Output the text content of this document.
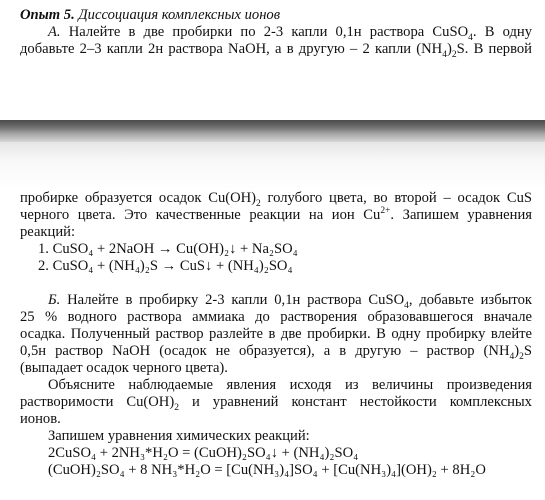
Опыт 5. Диссоциация комплексных ионов
А. Налейте в две пробирки по 2-3 капли 0,1н раствора CuSO$_4$. В одну
добавьте 2–3 капли 2н раствора NaOH, а в другую – 2 капли $(NH_4)_2S$. В первой
пробирке образуется осадок $Cu(OH)_2$ голубого цвета, во второй – осадок CuS
черного цвета. Это качественные реакции на ион $Cu^{2+}$. Запишем уравнения
реакций:
1. CuSO₄ + 2NaOH → Cu(OH)₂↓ + Na₂SO₄
2. CuSO₄ + (NH₄)₂S → CuS↓ + (NH₄)₂SO₄
Б. Налейте в пробирку 2-3 капли 0,1н раствора CuSO$_4$, добавьте избыток
25 % водного раствора аммиака до растворения образовавшегося вначале
осадка. Полученный раствор разлейте в две пробирки. В одну пробирку влейте
0,5н раствор NaOH (осадок не образуется), а в другую – раствор $(NH_4)_2S$
(выпадает осадок черного цвета).
Объясните наблюдаемые явления исходя из величины произведения
растворимости $Cu(OH)_2$ и уравнений констант нестойкости комплексных
ионов.
Запишем уравнения химических реакций:
2CuSO₄ + 2NH₃*H₂O = (CuOH)₂SO₄↓ + (NH₄)₂SO₄
(CuOH)₂SO₄ + 8 NH₃*H₂O = [Cu(NH₃)₄]SO₄ + [Cu(NH₃)₄](OH)₂ + 8H₂O
